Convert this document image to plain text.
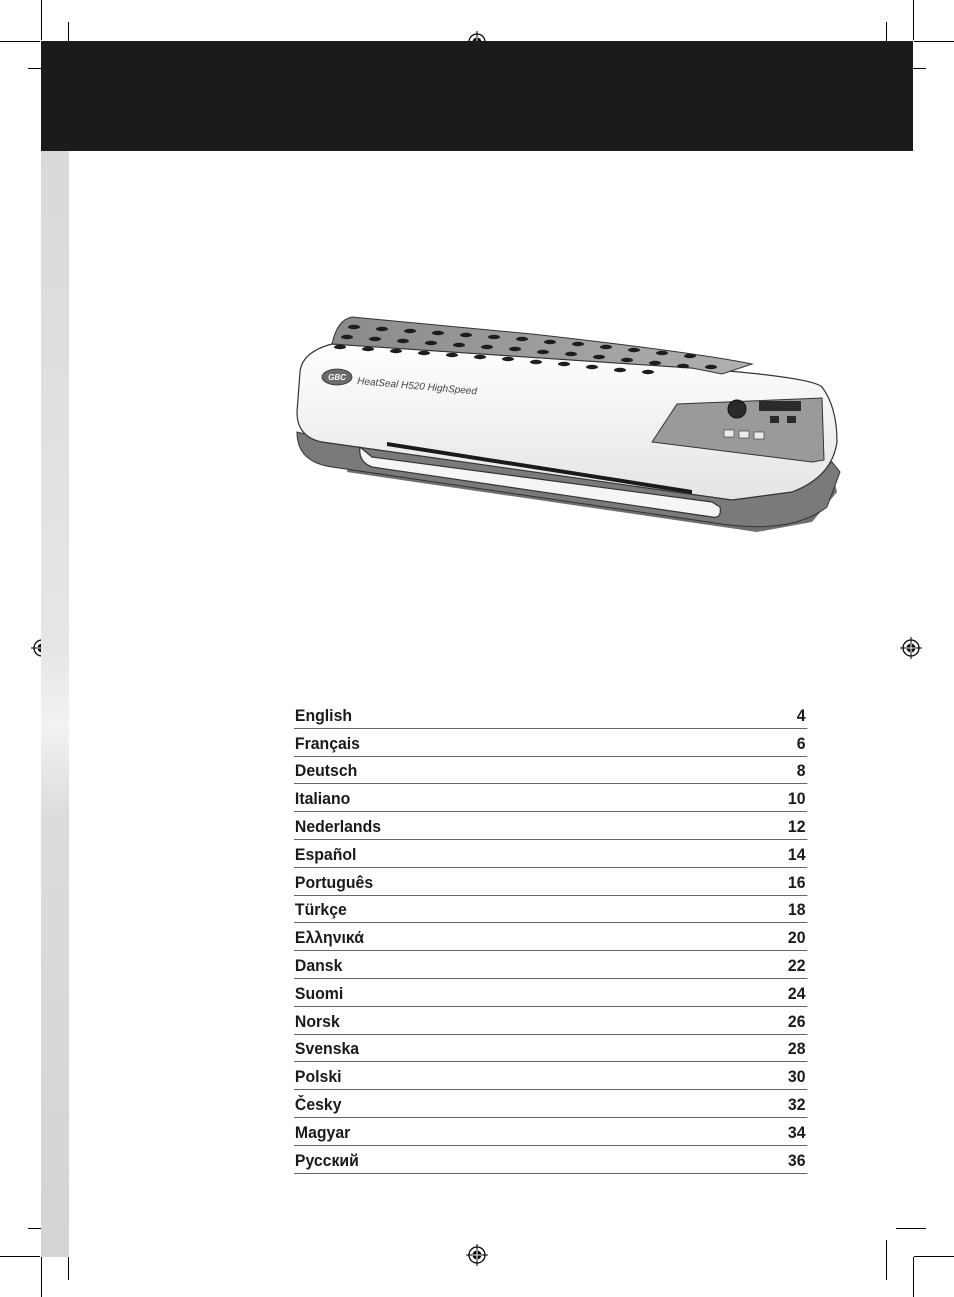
GBC HeatSeal H520 HighSpeed
English	4
Français	6
Deutsch	8
Italiano	10
Nederlands	12
Español	14
Português	16
Türkçe	18
Ελληνικά	20
Dansk	22
Suomi	24
Norsk	26
Svenska	28
Polski	30
Česky	32
Magyar	34
Русский	36
